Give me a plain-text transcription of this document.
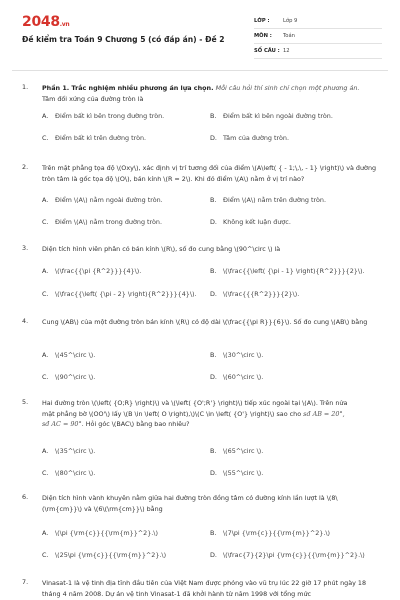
2048.vn
Đề kiểm tra Toán 9 Chương 5 (có đáp án) - Đề 2
LỚP :	Lớp 9
MÔN :	Toán
SỐ CÂU : 12
1. Phần 1. Trắc nghiệm nhiều phương án lựa chọn. Mỗi câu hỏi thí sinh chỉ chọn một phương án.
Tâm đối xứng của đường tròn là
A. Điểm bất kì bên trong đường tròn.	B. Điểm bất kì bên ngoài đường tròn.
C. Điểm bất kì trên đường tròn.	D. Tâm của đường tròn.
2. Trên mặt phẳng tọa độ \(Oxy\), xác định vị trí tương đối của điểm \(A\left( { - 1;\,\, - 1} \right)\) và đường tròn tâm là gốc tọa độ \(O\), bán kính \(R = 2\). Khi đó điểm \(A\) nằm ở vị trí nào?
A. Điểm \(A\) nằm ngoài đường tròn.	B. Điểm \(A\) nằm trên đường tròn.
C. Điểm \(A\) nằm trong đường tròn.	D. Không kết luận được.
3. Diện tích hình viên phân có bán kính \(R\), số đo cung bằng \(90^\circ \) là
A. \(\frac{{\pi {R^2}}}{4}\).	B. \(\frac{{\left( {\pi - 1} \right){R^2}}}{2}\).
C. \(\frac{{\left( {\pi - 2} \right){R^2}}}{4}\). D. \(\frac{{{R^2}}}{2}\).
4. Cung \(AB\) của một đường tròn bán kính \(R\) có độ dài \(\frac{{\pi R}}{6}\). Số đo cung \(AB\) bằng
A. \(45^\circ \).	B. \(30^\circ \).
C. \(90^\circ \).	D. \(60^\circ \).
5. Hai đường tròn \(\left( {O;R} \right)\) và \(\left( {O';R'} \right)\) tiếp xúc ngoài tại \(A\). Trên nửa
mặt phẳng bờ \(OO'\) lấy \(B \in \left( O \right),\)\(C \in \left( {O'} \right)\) sao cho sđ AB = 20°,
sđ AC = 90°. Hỏi góc \(BAC\) bằng bao nhiêu?
A. \(35^\circ \).	B. \(65^\circ \).
C. \(80^\circ \).	D. \(55^\circ \).
6. Diện tích hình vành khuyên nằm giữa hai đường tròn đồng tâm có đường kính lần lượt là \(8\(\rm{cm}}\) và \(6\(\rm{cm}}\) bằng
A. \(\pi {\rm{c}}{{\rm{m}}^2}.\)	B. \(7\pi {\rm{c}}{{\rm{m}}^2}.\)
C. \(25\pi {\rm{c}}{{\rm{m}}^2}.\)	D. \(\frac{7}{2}\pi {\rm{c}}{{\rm{m}}^2}.\)
7. Vinasat-1 là vệ tinh địa tĩnh đầu tiên của Việt Nam được phóng vào vũ trụ lúc 22 giờ 17 phút ngày 18 tháng 4 năm 2008. Dự án vệ tinh Vinasat-1 đã khởi hành từ năm 1998 với tổng mức
